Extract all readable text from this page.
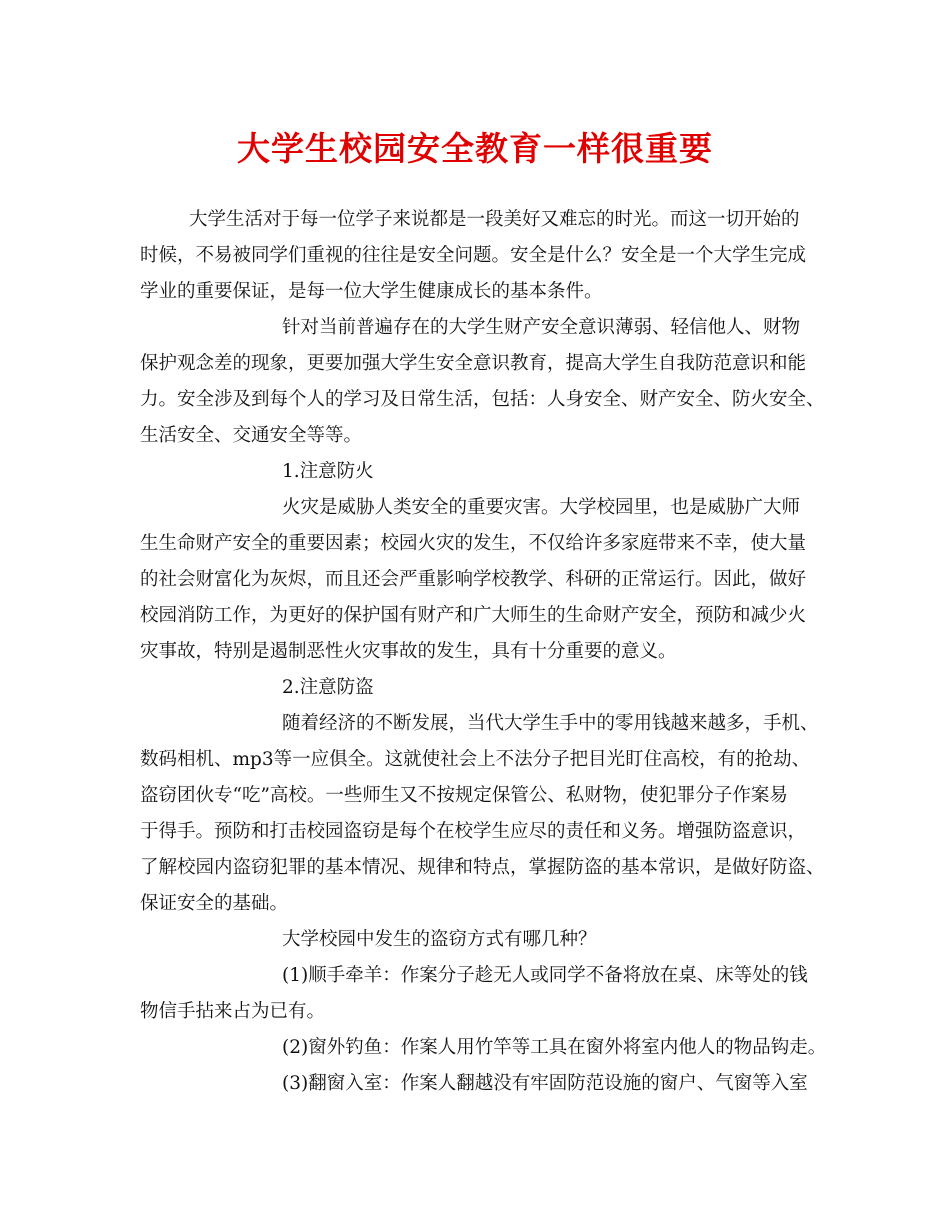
大学生校园安全教育一样很重要
大学生活对于每一位学子来说都是一段美好又难忘的时光。而这一切开始的
时候，不易被同学们重视的往往是安全问题。安全是什么？安全是一个大学生完成
学业的重要保证，是每一位大学生健康成长的基本条件。
针对当前普遍存在的大学生财产安全意识薄弱、轻信他人、财物
保护观念差的现象，更要加强大学生安全意识教育，提高大学生自我防范意识和能
力。安全涉及到每个人的学习及日常生活，包括：人身安全、财产安全、防火安全、
生活安全、交通安全等等。
1.注意防火
火灾是威胁人类安全的重要灾害。大学校园里，也是威胁广大师
生生命财产安全的重要因素；校园火灾的发生，不仅给许多家庭带来不幸，使大量
的社会财富化为灰烬，而且还会严重影响学校教学、科研的正常运行。因此，做好
校园消防工作，为更好的保护国有财产和广大师生的生命财产安全，预防和减少火
灾事故，特别是遏制恶性火灾事故的发生，具有十分重要的意义。
2.注意防盗
随着经济的不断发展，当代大学生手中的零用钱越来越多，手机、
数码相机、mp3等一应俱全。这就使社会上不法分子把目光盯住高校，有的抢劫、
盗窃团伙专“吃”高校。一些师生又不按规定保管公、私财物，使犯罪分子作案易
于得手。预防和打击校园盗窃是每个在校学生应尽的责任和义务。增强防盗意识，
了解校园内盗窃犯罪的基本情况、规律和特点，掌握防盗的基本常识，是做好防盗、
保证安全的基础。
大学校园中发生的盗窃方式有哪几种？
(1)顺手牵羊：作案分子趁无人或同学不备将放在桌、床等处的钱
物信手拈来占为已有。
(2)窗外钓鱼：作案人用竹竿等工具在窗外将室内他人的物品钩走。
(3)翻窗入室：作案人翻越没有牢固防范设施的窗户、气窗等入室
